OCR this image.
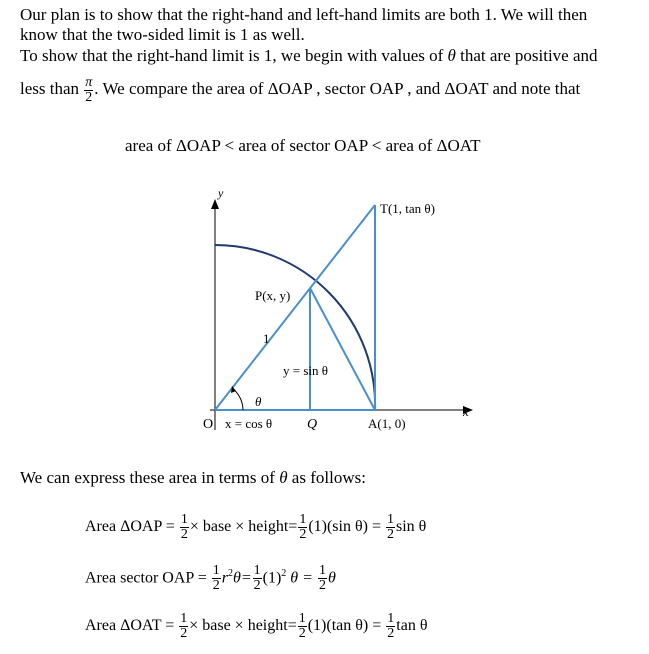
Our plan is to show that the right-hand and left-hand limits are both 1. We will then
know that the two-sided limit is 1 as well.
To show that the right-hand limit is 1, we begin with values of θ that are positive and
less than $\frac{\pi}{2}$ . We compare the area of ΔOAP , sector OAP , and ΔOAT and note that
area of ΔOAP < area of sector OAP < area of ΔOAT
y
x
T(1, tan θ)
P(x, y)
1
y = sin θ
θ
O x = cos θ Q	A(1, 0)
We can express these area in terms of θ as follows:
Area $\Delta OAP = \frac{1}{2}$ × base × height= $\frac{1}{2} (1)(\sin$ $\theta) = \frac{1}{2}$ sin θ
Area sector OAP = $\frac{1}{2} r^2\theta= \frac{1}{2} (1)^2$ $\theta = \frac{1}{2}$ θ
Area $\Delta OAT = \frac{1}{2}$ × base × height= $\frac{1}{2} (1)(\tan$ $\theta) = \frac{1}{2}$ tan θ
